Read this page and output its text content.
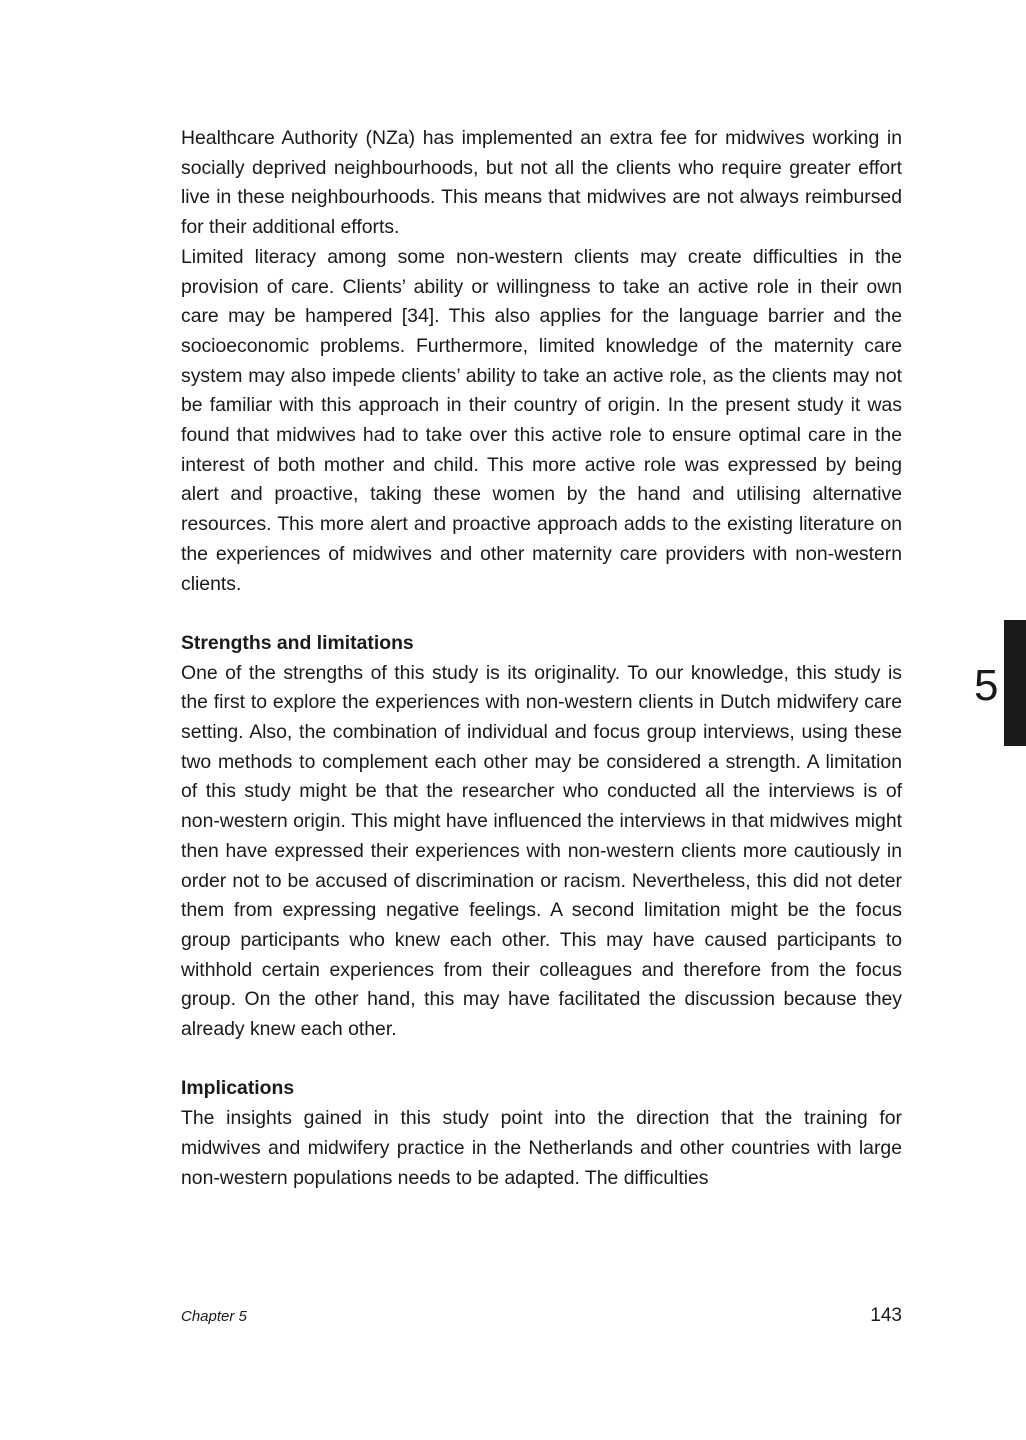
Healthcare Authority (NZa) has implemented an extra fee for midwives working in socially deprived neighbourhoods, but not all the clients who require greater effort live in these neighbourhoods. This means that midwives are not always reimbursed for their additional efforts.

Limited literacy among some non-western clients may create difficulties in the provision of care. Clients’ ability or willingness to take an active role in their own care may be hampered [34]. This also applies for the language barrier and the socioeconomic problems. Furthermore, limited knowledge of the maternity care system may also impede clients’ ability to take an active role, as the clients may not be familiar with this approach in their country of origin. In the present study it was found that midwives had to take over this active role to ensure optimal care in the interest of both mother and child. This more active role was expressed by being alert and proactive, taking these women by the hand and utilising alternative resources. This more alert and proactive approach adds to the existing literature on the experiences of midwives and other maternity care providers with non-western clients.

Strengths and limitations

One of the strengths of this study is its originality. To our knowledge, this study is the first to explore the experiences with non-western clients in Dutch midwifery care setting. Also, the combination of individual and focus group interviews, using these two methods to complement each other may be considered a strength. A limitation of this study might be that the researcher who conducted all the interviews is of non-western origin. This might have influenced the interviews in that midwives might then have expressed their experiences with non-western clients more cautiously in order not to be accused of discrimination or racism. Nevertheless, this did not deter them from expressing negative feelings. A second limitation might be the focus group participants who knew each other. This may have caused participants to withhold certain experiences from their colleagues and therefore from the focus group. On the other hand, this may have facilitated the discussion because they already knew each other.

Implications

The insights gained in this study point into the direction that the training for midwives and midwifery practice in the Netherlands and other countries with large non-western populations needs to be adapted. The difficulties

5
Chapter 5	143
